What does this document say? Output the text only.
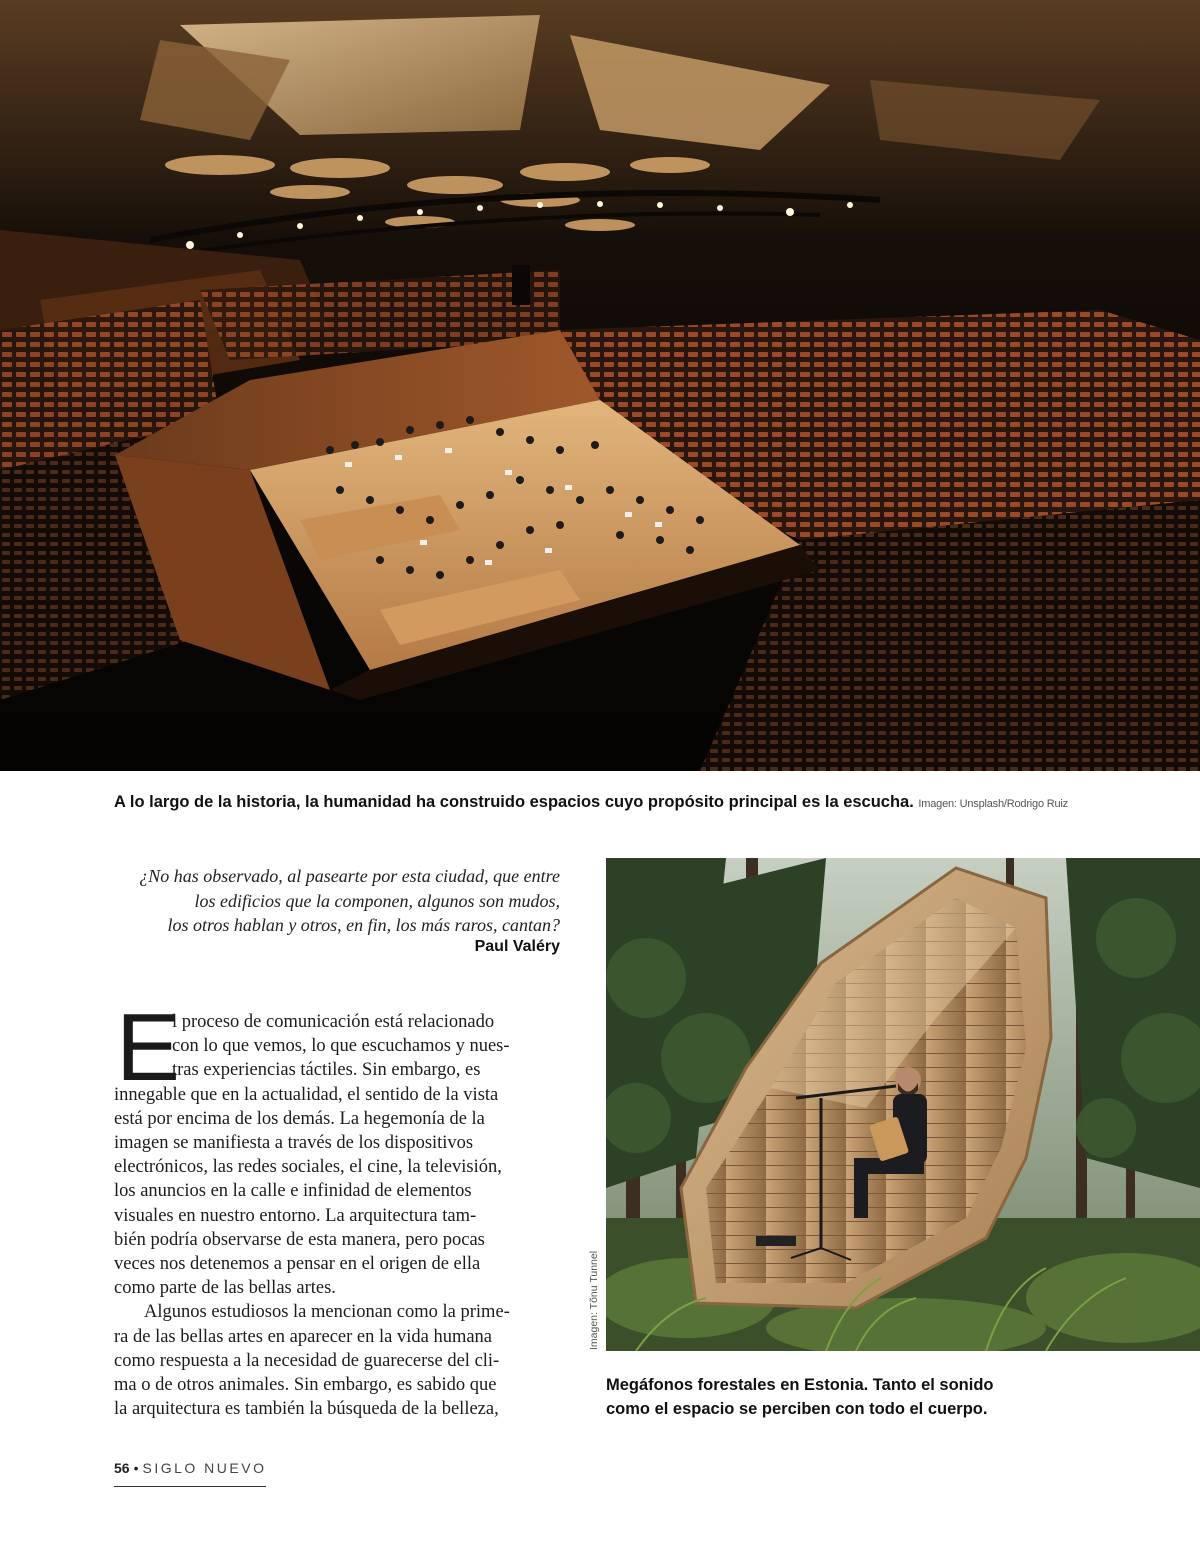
A lo largo de la historia, la humanidad ha construido espacios cuyo propósito principal es la escucha. Imagen: Unsplash/Rodrigo Ruiz
¿No has observado, al pasearte por esta ciudad, que entre
los edificios que la componen, algunos son mudos,
los otros hablan y otros, en fin, los más raros, cantan?
Paul Valéry
E

l proceso de comunicación está relacionado
con lo que vemos, lo que escuchamos y nues-
tras experiencias táctiles. Sin embargo, es
innegable que en la actualidad, el sentido de la vista
está por encima de los demás. La hegemonía de la
imagen se manifiesta a través de los dispositivos
electrónicos, las redes sociales, el cine, la televisión,
los anuncios en la calle e infinidad de elementos
visuales en nuestro entorno. La arquitectura tam-
bién podría observarse de esta manera, pero pocas
veces nos detenemos a pensar en el origen de ella
como parte de las bellas artes.

Algunos estudiosos la mencionan como la prime-
ra de las bellas artes en aparecer en la vida humana
como respuesta a la necesidad de guarecerse del cli-
ma o de otros animales. Sin embargo, es sabido que
la arquitectura es también la búsqueda de la belleza,

Imagen: Tõnu Tunnel
Megáfonos forestales en Estonia. Tanto el sonido
como el espacio se perciben con todo el cuerpo.
56 • SIGLO NUEVO
